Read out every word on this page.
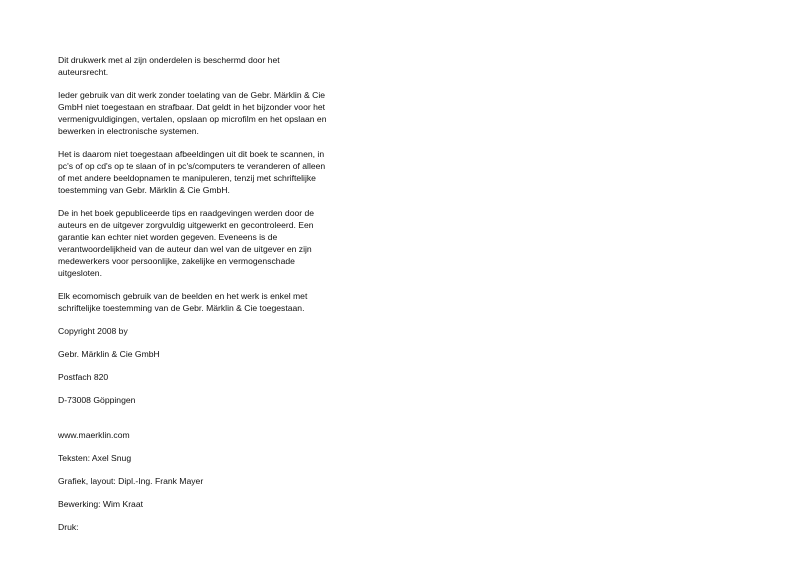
Dit drukwerk met al zijn onderdelen is beschermd door het
auteursrecht.

Ieder gebruik van dit werk zonder toelating van de Gebr. Märklin & Cie
GmbH niet toegestaan en strafbaar. Dat geldt in het bijzonder voor het
vermenigvuldigingen, vertalen, opslaan op microfilm en het opslaan en
bewerken in electronische systemen.

Het is daarom niet toegestaan afbeeldingen uit dit boek te scannen, in
pc's of op cd's op te slaan of in pc's/computers te veranderen of alleen
of met andere beeldopnamen te manipuleren, tenzij met schriftelijke
toestemming van Gebr. Märklin & Cie GmbH.

De in het boek gepubliceerde tips en raadgevingen werden door de
auteurs en de uitgever zorgvuldig uitgewerkt en gecontroleerd. Een
garantie kan echter niet worden gegeven. Eveneens is de
verantwoordelijkheid van de auteur dan wel van de uitgever en zijn
medewerkers voor persoonlijke, zakelijke en vermogenschade
uitgesloten.

Elk ecomomisch gebruik van de beelden en het werk is enkel met
schriftelijke toestemming van de Gebr. Märklin & Cie toegestaan.

Copyright 2008 by

Gebr. Märklin & Cie GmbH

Postfach 820

D-73008 Göppingen

www.maerklin.com

Teksten: Axel Snug

Grafiek, layout: Dipl.-Ing. Frank Mayer

Bewerking: Wim Kraat

Druk:
